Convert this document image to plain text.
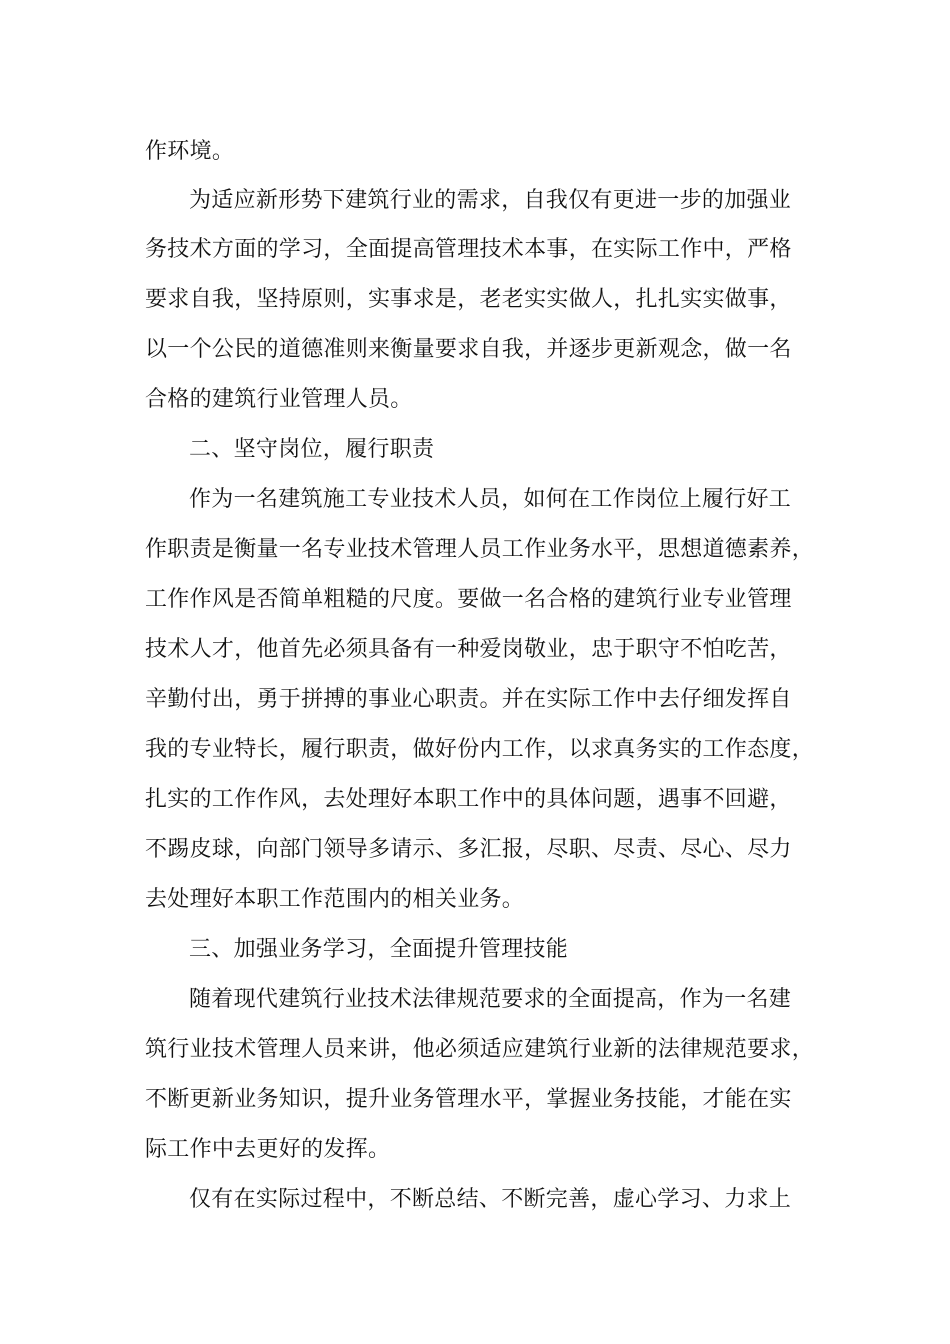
作环境。
为适应新形势下建筑行业的需求，自我仅有更进一步的加强业
务技术方面的学习，全面提高管理技术本事，在实际工作中，严格
要求自我，坚持原则，实事求是，老老实实做人，扎扎实实做事，
以一个公民的道德准则来衡量要求自我，并逐步更新观念，做一名
合格的建筑行业管理人员。
二、坚守岗位，履行职责
作为一名建筑施工专业技术人员，如何在工作岗位上履行好工
作职责是衡量一名专业技术管理人员工作业务水平，思想道德素养，
工作作风是否简单粗糙的尺度。要做一名合格的建筑行业专业管理
技术人才，他首先必须具备有一种爱岗敬业，忠于职守不怕吃苦，
辛勤付出，勇于拼搏的事业心职责。并在实际工作中去仔细发挥自
我的专业特长，履行职责，做好份内工作，以求真务实的工作态度，
扎实的工作作风，去处理好本职工作中的具体问题，遇事不回避，
不踢皮球，向部门领导多请示、多汇报，尽职、尽责、尽心、尽力
去处理好本职工作范围内的相关业务。
三、加强业务学习，全面提升管理技能
随着现代建筑行业技术法律规范要求的全面提高，作为一名建
筑行业技术管理人员来讲，他必须适应建筑行业新的法律规范要求，
不断更新业务知识，提升业务管理水平，掌握业务技能，才能在实
际工作中去更好的发挥。
仅有在实际过程中，不断总结、不断完善，虚心学习、力求上
